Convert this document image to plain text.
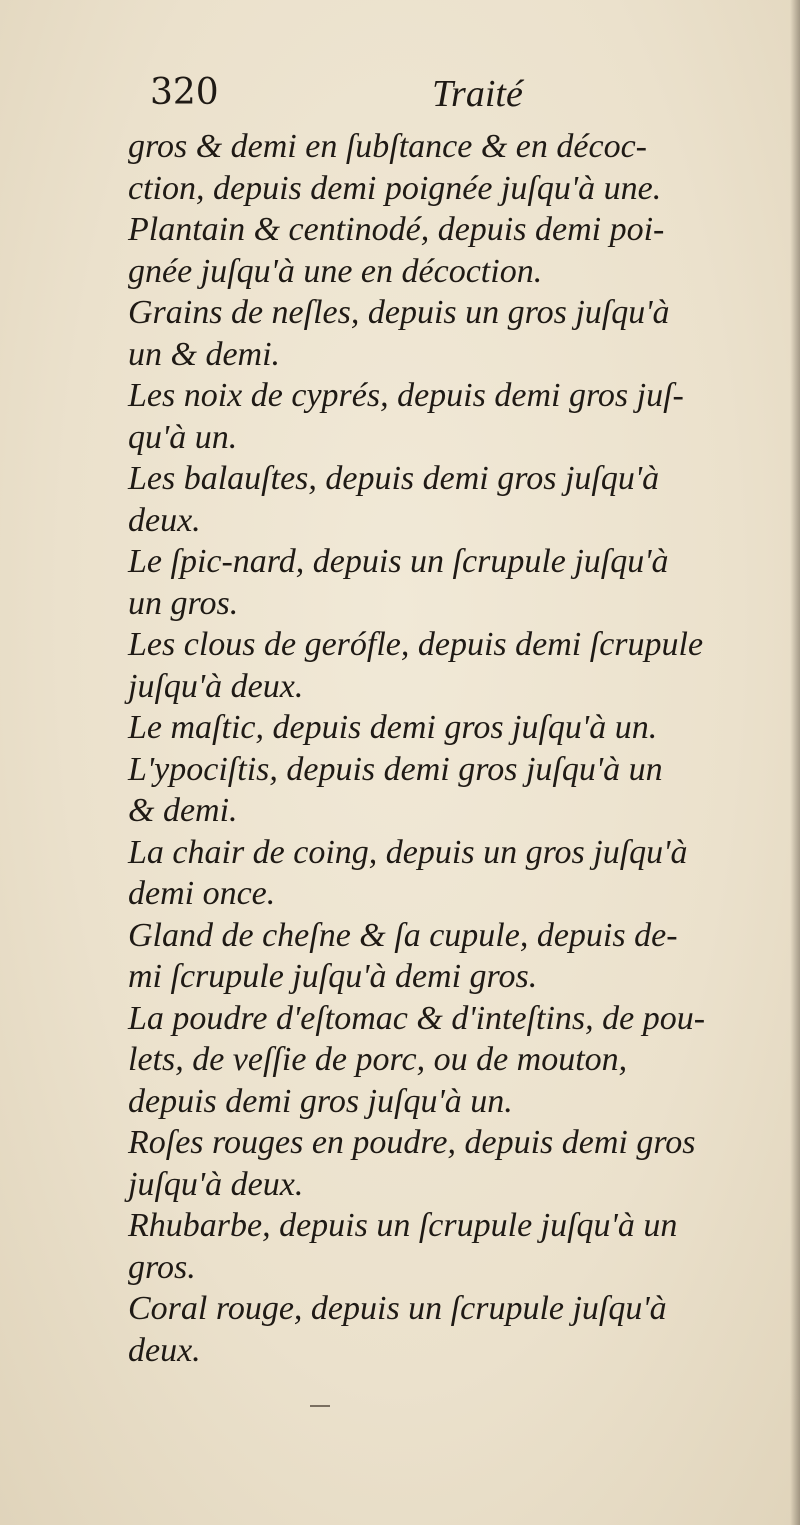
320	Traité

gros & demi en ſubſtance & en décoc-
ction, depuis demi poignée juſqu'à une.

Plantain & centinodé, depuis demi poi-
gnée juſqu'à une en décoction.

Grains de neſles, depuis un gros juſqu'à
un & demi.

Les noix de cyprés, depuis demi gros juſ-
qu'à un.

Les balauſtes, depuis demi gros juſqu'à
deux.

Le ſpic-nard, depuis un ſcrupule juſqu'à
un gros.

Les clous de gerófle, depuis demi ſcrupule
juſqu'à deux.

Le maſtic, depuis demi gros juſqu'à un.

L'ypociſtis, depuis demi gros juſqu'à un
& demi.

La chair de coing, depuis un gros juſqu'à
demi once.

Gland de cheſne & ſa cupule, depuis de-
mi ſcrupule juſqu'à demi gros.

La poudre d'eſtomac & d'inteſtins, de pou-
lets, de veſſie de porc, ou de mouton,
depuis demi gros juſqu'à un.

Roſes rouges en poudre, depuis demi gros
juſqu'à deux.

Rhubarbe, depuis un ſcrupule juſqu'à un
gros.

Coral rouge, depuis un ſcrupule juſqu'à
deux.
